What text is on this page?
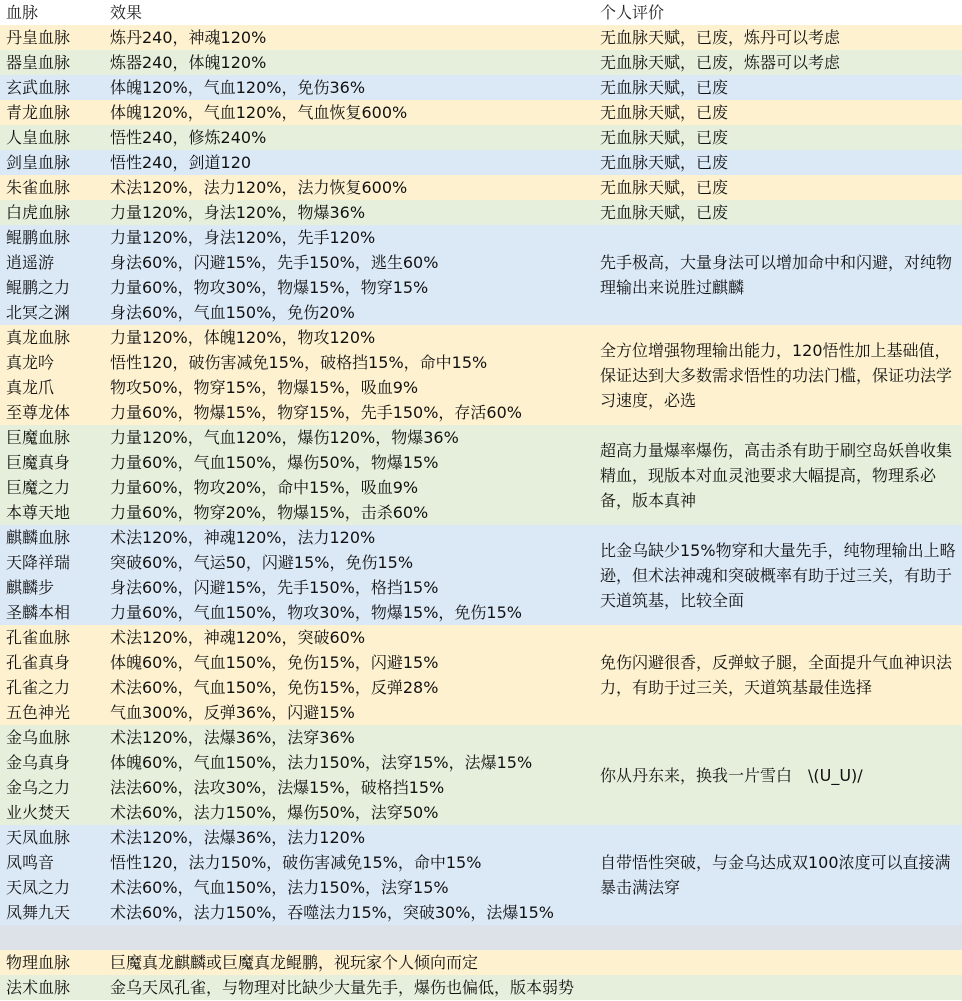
血脉	效果	个人评价
丹皇血脉	炼丹240，神魂120%	无血脉天赋，已废，炼丹可以考虑
器皇血脉	炼器240，体魄120%	无血脉天赋，已废，炼器可以考虑
玄武血脉	体魄120%，气血120%，免伤36%	无血脉天赋，已废
青龙血脉	体魄120%，气血120%，气血恢复600%	无血脉天赋，已废
人皇血脉	悟性240，修炼240%	无血脉天赋，已废
剑皇血脉	悟性240，剑道120	无血脉天赋，已废
朱雀血脉	术法120%，法力120%，法力恢复600%	无血脉天赋，已废
白虎血脉	力量120%，身法120%，物爆36%	无血脉天赋，已废
鲲鹏血脉	力量120%，身法120%，先手120%	先手极高，大量身法可以增加命中和闪避，对纯物理输出来说胜过麒麟
逍遥游	身法60%，闪避15%，先手150%，逃生60%	
鲲鹏之力	力量60%，物攻30%，物爆15%，物穿15%	
北冥之渊	身法60%，气血150%，免伤20%	
真龙血脉	力量120%，体魄120%，物攻120%	全方位增强物理输出能力，120悟性加上基础值，保证达到大多数需求悟性的功法门槛，保证功法学习速度，必选
真龙吟	悟性120，破伤害减免15%，破格挡15%，命中15%	
真龙爪	物攻50%，物穿15%，物爆15%，吸血9%	
至尊龙体	力量60%，物爆15%，物穿15%，先手150%，存活60%	
巨魔血脉	力量120%，气血120%，爆伤120%，物爆36%	超高力量爆率爆伤，高击杀有助于刷空岛妖兽收集精血，现版本对血灵池要求大幅提高，物理系必备，版本真神
巨魔真身	力量60%，气血150%，爆伤50%，物爆15%	
巨魔之力	力量60%，物攻20%，命中15%，吸血9%	
本尊天地	力量60%，物穿20%，物爆15%，击杀60%	
麒麟血脉	术法120%，神魂120%，法力120%	比金乌缺少15%物穿和大量先手，纯物理输出上略逊，但术法神魂和突破概率有助于过三关，有助于天道筑基，比较全面
天降祥瑞	突破60%，气运50，闪避15%，免伤15%	
麒麟步	身法60%，闪避15%，先手150%，格挡15%	
圣麟本相	力量60%，气血150%，物攻30%，物爆15%，免伤15%	
孔雀血脉	术法120%，神魂120%，突破60%	免伤闪避很香，反弹蚊子腿，全面提升气血神识法力，有助于过三关，天道筑基最佳选择
孔雀真身	体魄60%，气血150%，免伤15%，闪避15%	
孔雀之力	术法60%，气血150%，免伤15%，反弹28%	
五色神光	气血300%，反弹36%，闪避15%	
金乌血脉	术法120%，法爆36%，法穿36%	你从丹东来，换我一片雪白　\(ᑌ_ᑌ)/
金乌真身	体魄60%，气血150%，法力150%，法穿15%，法爆15%	
金乌之力	法法60%，法攻30%，法爆15%，破格挡15%	
业火焚天	术法60%，法力150%，爆伤50%，法穿50%	
天凤血脉	术法120%，法爆36%，法力120%	自带悟性突破，与金乌达成双100浓度可以直接满暴击满法穿
凤鸣音	悟性120，法力150%，破伤害减免15%，命中15%	
天凤之力	术法60%，气血150%，法力150%，法穿15%	
凤舞九天	术法60%，法力150%，吞噬法力15%，突破30%，法爆15%	
物理血脉	巨魔真龙麒麟或巨魔真龙鲲鹏，视玩家个人倾向而定
法术血脉	金乌天凤孔雀，与物理对比缺少大量先手，爆伤也偏低，版本弱势
